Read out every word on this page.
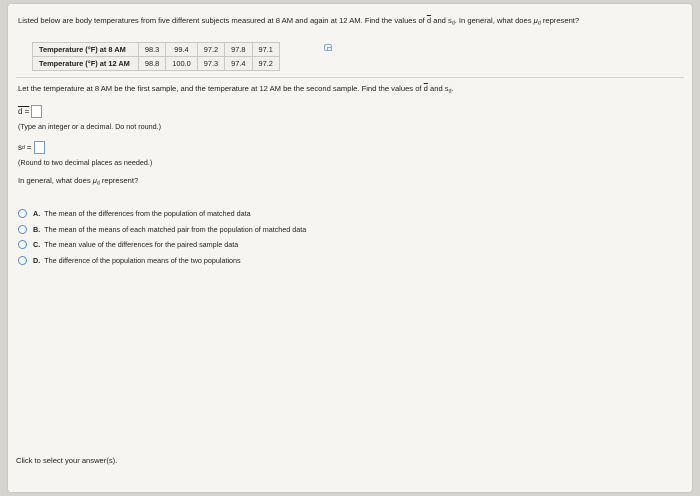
Listed below are body temperatures from five different subjects measured at 8 AM and again at 12 AM. Find the values of $\overline{d}$ and $s_d$. In general, what does $\mu_d$ represent?
Temperature (°F) at 8 AM	98.3	99.4	97.2	97.8	97.1
Temperature (°F) at 12 AM	98.8	100.0	97.3	97.4	97.2
Let the temperature at 8 AM be the first sample, and the temperature at 12 AM be the second sample. Find the values of $\overline{d}$ and $s_d$.
d =
(Type an integer or a decimal. Do not round.)
s d =
(Round to two decimal places as needed.)
In general, what does $\mu_d$ represent?
A. The mean of the differences from the population of matched data
B. The mean of the means of each matched pair from the population of matched data
C. The mean value of the differences for the paired sample data
D. The difference of the population means of the two populations
Click to select your answer(s).
